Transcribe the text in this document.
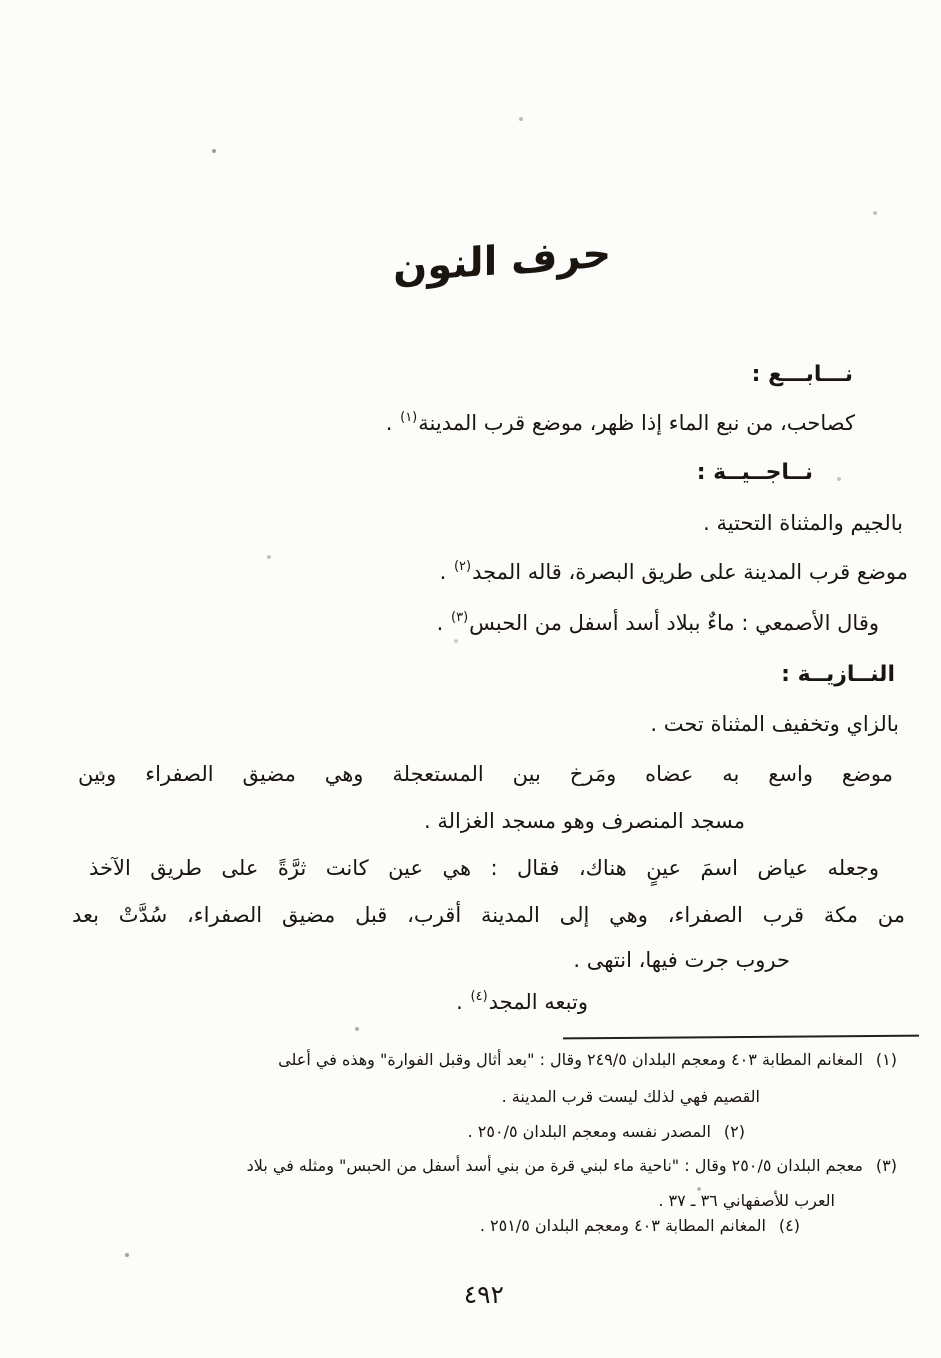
حرف النون
نـــابـــع :
كصاحب، من نبع الماء إذا ظهر، موضع قرب المدينة$^{(١)}$ .
نــاجــيــة :
بالجيم والمثناة التحتية .
موضع قرب المدينة على طريق البصرة، قاله المجد$^{(٢)}$ .
وقال الأصمعي : ماءٌ ببلاد أسد أسفل من الحبس$^{(٣)}$ .
النــازيــة :
بالزاي وتخفيف المثناة تحت .
موضع واسع به عضاه ومَرخ بين المستعجلة وهي مضيق الصفراء وبين
مسجد المنصرف وهو مسجد الغزالة .
وجعله عياض اسمَ عينٍ هناك، فقال : هي عين كانت ثرَّةً على طريق الآخذ
من مكة قرب الصفراء، وهي إلى المدينة أقرب، قبل مضيق الصفراء، سُدَّتْ بعد
حروب جرت فيها، انتهى .
وتبعه المجد$^{(٤)}$ .
(١)المغانم المطابة ٤٠٣ ومعجم البلدان ٢٤٩/٥ وقال : "بعد أثال وقبل الفوارة" وهذه في أعلى
القصيم فهي لذلك ليست قرب المدينة .
(٢)المصدر نفسه ومعجم البلدان ٢٥٠/٥ .
(٣)معجم البلدان ٢٥٠/٥ وقال : "ناحية ماء لبني قرة من بني أسد أسفل من الحبس" ومثله في بلاد
العرب للأصفهاني ٣٦ ـ ٣٧ .
(٤)المغانم المطابة ٤٠٣ ومعجم البلدان ٢٥١/٥ .
٤٩٢
